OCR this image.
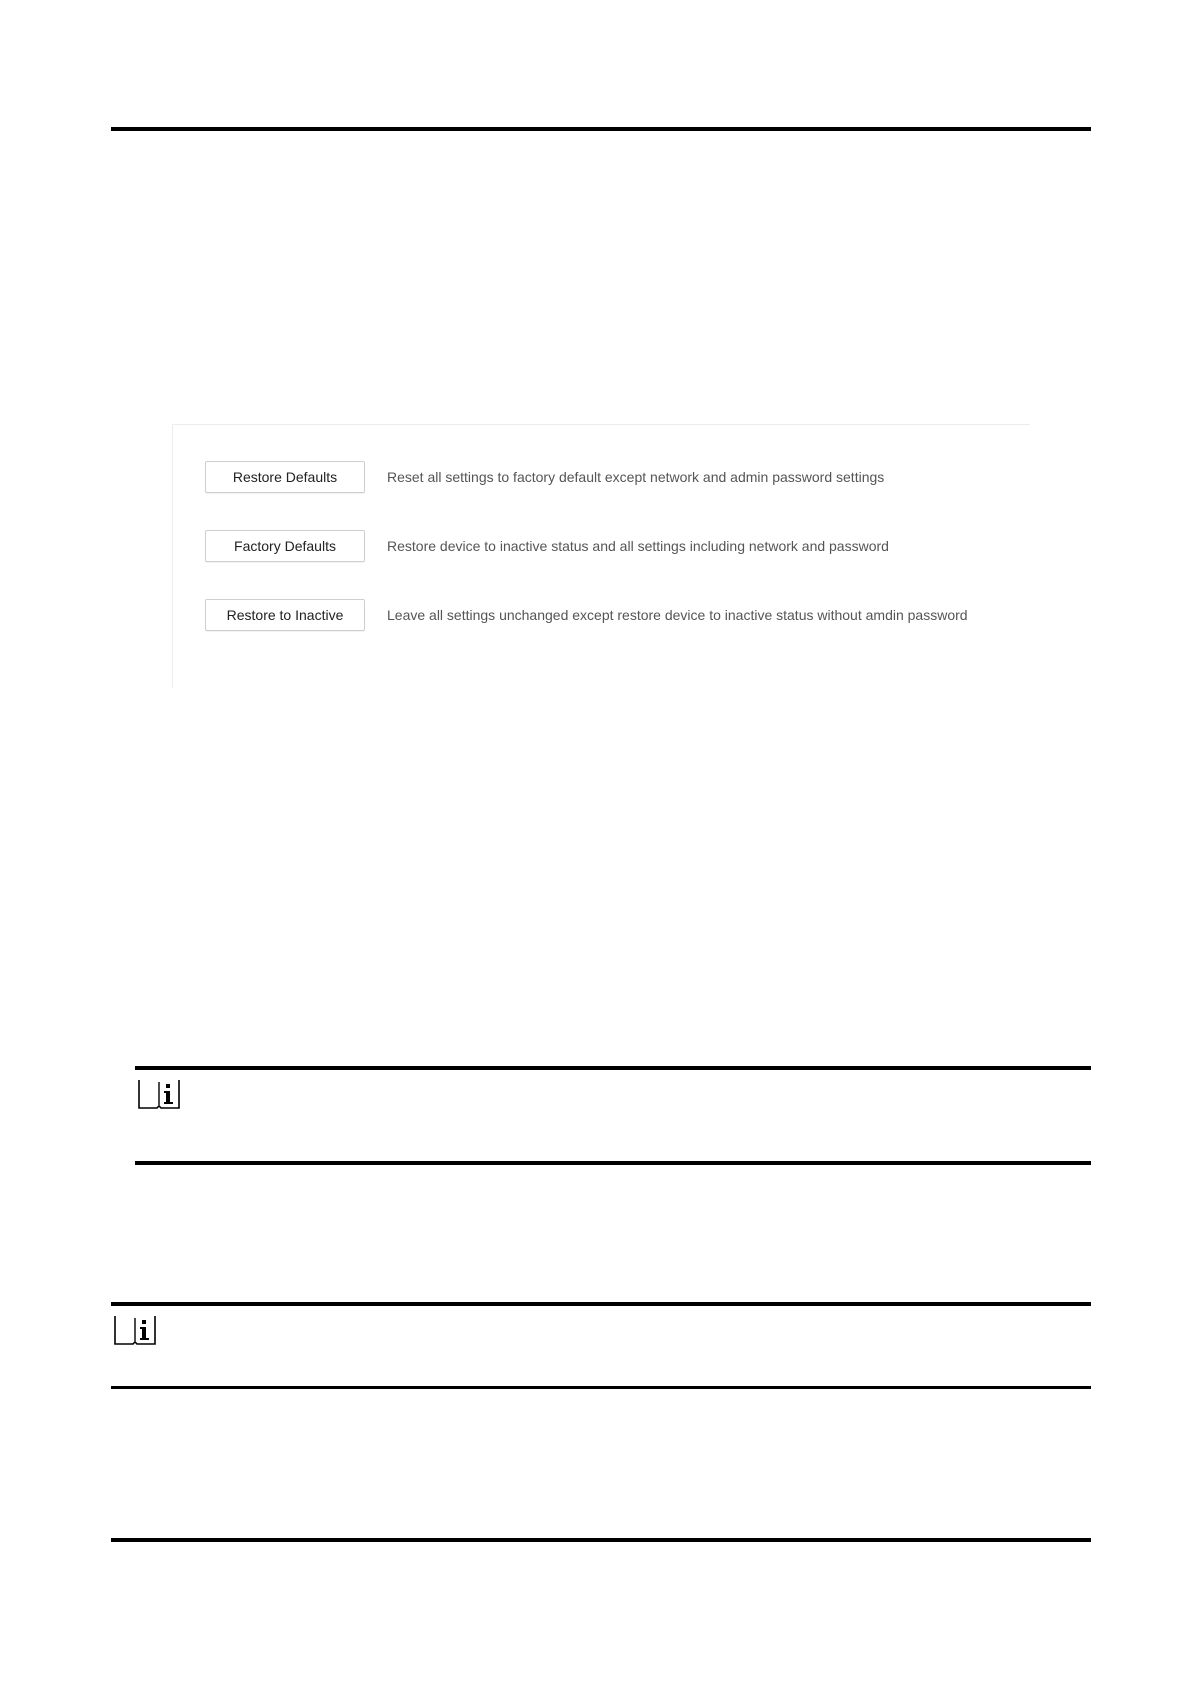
Restore Defaults	Reset all settings to factory default except network and admin password settings
Factory Defaults	Restore device to inactive status and all settings including network and password
Restore to Inactive	Leave all settings unchanged except restore device to inactive status without amdin password
